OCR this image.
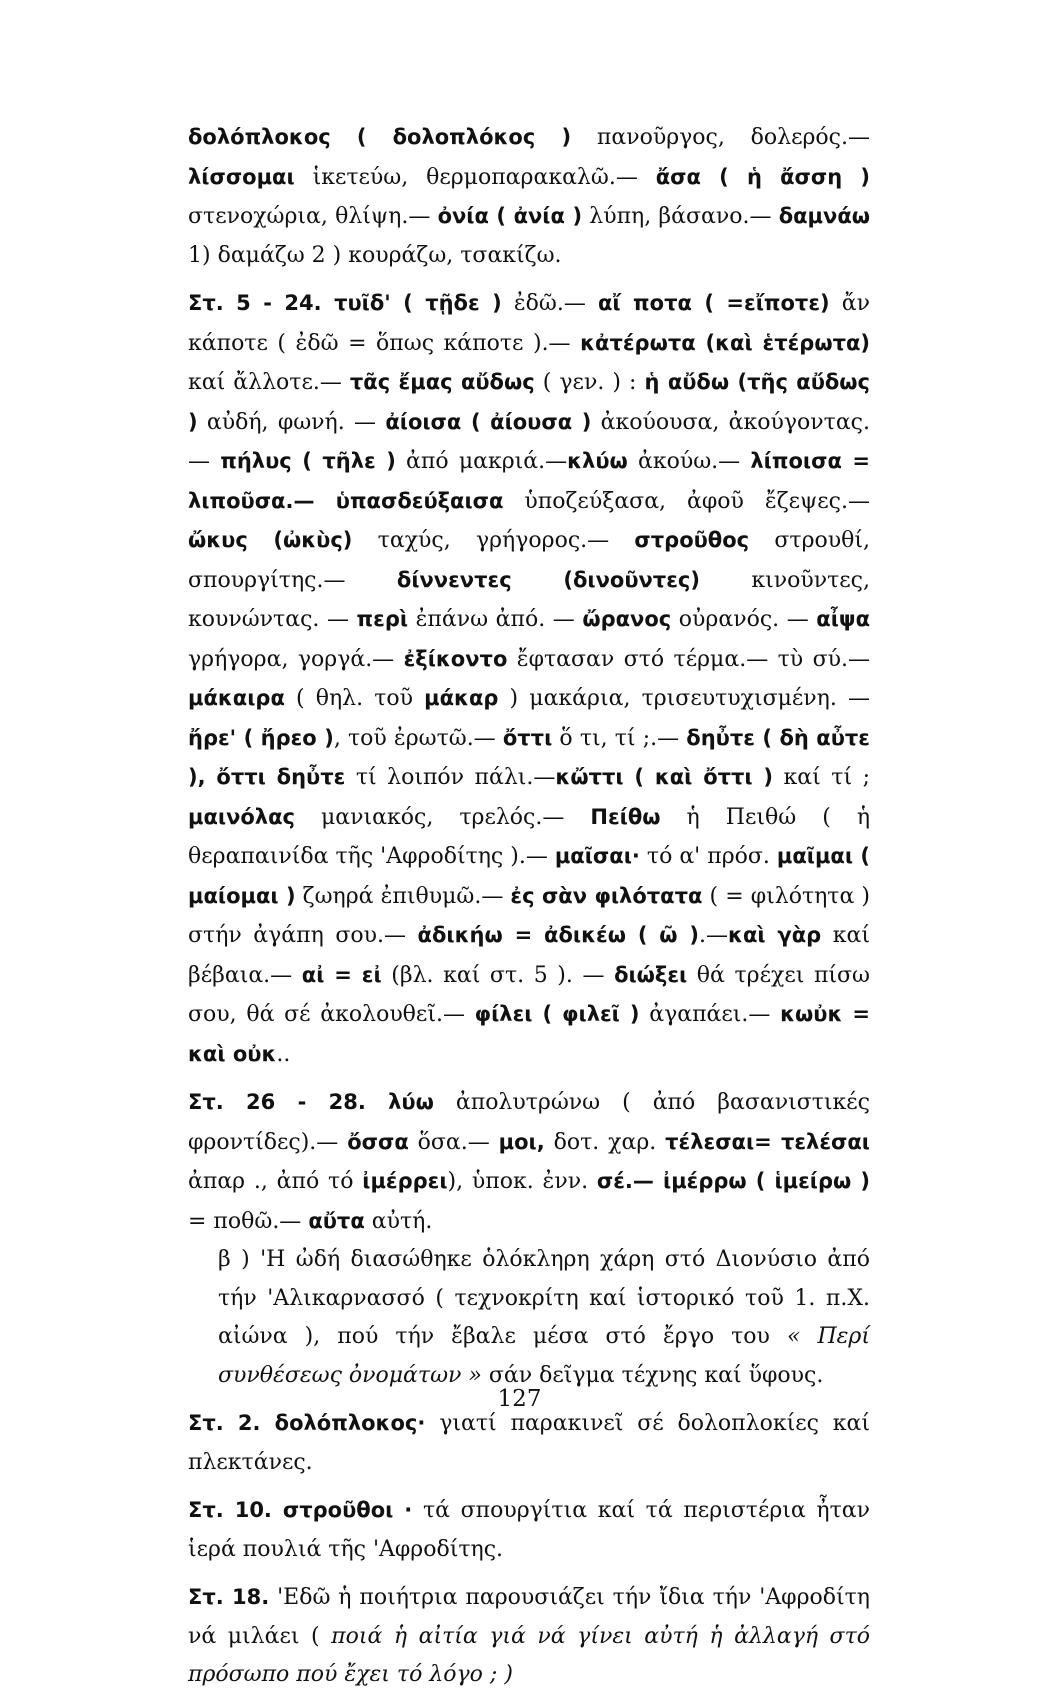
δολόπλοκος ( δολοπλόκος ) πανοῦργος, δολερός.— λίσσομαι ἱκετεύω, θερμοπαρακαλῶ.— ἄσα ( ἡ ἄσση ) στενοχώρια, θλίψη.— ὀνία ( ἀνία ) λύπη, βάσανο.— δαμνάω 1) δαμάζω 2 ) κουράζω, τσακίζω.

Στ. 5 - 24. τυῖδ' ( τῇδε ) ἐδῶ.— αἴ ποτα ( =εἴποτε) ἄν κάποτε ( ἐδῶ = ὅπως κάποτε ).— κἀτέρωτα (καὶ ἑτέρωτα) καί ἄλλοτε.— τᾶς ἔμας αὔδως ( γεν. ) : ἡ αὔδω (τῆς αὔδως ) αὐδή, φωνή. — ἀίοισα ( ἀίουσα ) ἀκούουσα, ἀκούγοντας.— πήλυς ( τῆλε ) ἀπό μακριά.—κλύω ἀκούω.— λίποισα = λιποῦσα.— ὑπασδεύξαισα ὑποζεύξασα, ἀφοῦ ἔζεψες.— ὤκυς (ὠκὺς) ταχύς, γρήγορος.— στροῦθος στρουθί, σπουργίτης.— δίννεντες (δινοῦντες) κινοῦντες, κουνώντας. — περὶ ἐπάνω ἀπό. — ὤρανος οὐρανός. — αἶψα γρήγορα, γοργά.— ἐξίκοντο ἔφτασαν στό τέρμα.— τὺ σύ.— μάκαιρα ( θηλ. τοῦ μάκαρ ) μακάρια, τρισευτυχισμένη. — ἤρε' ( ἤρεο ), τοῦ ἐρωτῶ.— ὄττι ὅ τι, τί ;.— δηὖτε ( δὴ αὖτε ), ὄττι δηὖτε τί λοιπόν πάλι.—κὤττι ( καὶ ὄττι ) καί τί ; μαινόλας μανιακός, τρελός.— Πείθω ἡ Πειθώ ( ἡ θεραπαινίδα τῆς 'Αφροδίτης ).— μαῖσαι· τό α' πρόσ. μαῖμαι ( μαίομαι ) ζωηρά ἐπιθυμῶ.— ἐς σὰν φιλότατα ( = φιλότητα ) στήν ἀγάπη σου.— ἀδικήω = ἀδικέω ( ῶ ).—καὶ γὰρ καί βέβαια.— αἰ = εἰ (βλ. καί στ. 5 ). — διώξει θά τρέχει πίσω σου, θά σέ ἀκολουθεῖ.— φίλει ( φιλεῖ ) ἀγαπάει.— κωὐκ = καὶ οὐκ..

Στ. 26 - 28. λύω ἀπολυτρώνω ( ἀπό βασανιστικές φροντίδες).— ὄσσα ὅσα.— μοι, δοτ. χαρ. τέλεσαι= τελέσαι ἀπαρ ., ἀπό τό ἰμέρρει), ὑποκ. ἐνν. σέ.— ἰμέρρω ( ἱμείρω ) = ποθῶ.— αὔτα αὐτή.

β ) 'Η ὠδή διασώθηκε ὁλόκληρη χάρη στό Διονύσιο ἀπό τήν 'Αλικαρνασσό ( τεχνοκρίτη καί ἱστορικό τοῦ 1. π.Χ. αἰώνα ), πού τήν ἔβαλε μέσα στό ἔργο του « Περί συνθέσεως ὀνομάτων » σάν δεῖγμα τέχνης καί ὕφους.

Στ. 2. δολόπλοκος· γιατί παρακινεῖ σέ δολοπλοκίες καί πλεκτάνες.

Στ. 10. στροῦθοι · τά σπουργίτια καί τά περιστέρια ἦταν ἱερά πουλιά τῆς 'Αφροδίτης.

Στ. 18. 'Εδῶ ἡ ποιήτρια παρουσιάζει τήν ἴδια τήν 'Αφροδίτη νά μιλάει ( ποιά ἡ αἰτία γιά νά γίνει αὐτή ἡ ἀλλαγή στό πρόσωπο πού ἔχει τό λόγο ; )

127
